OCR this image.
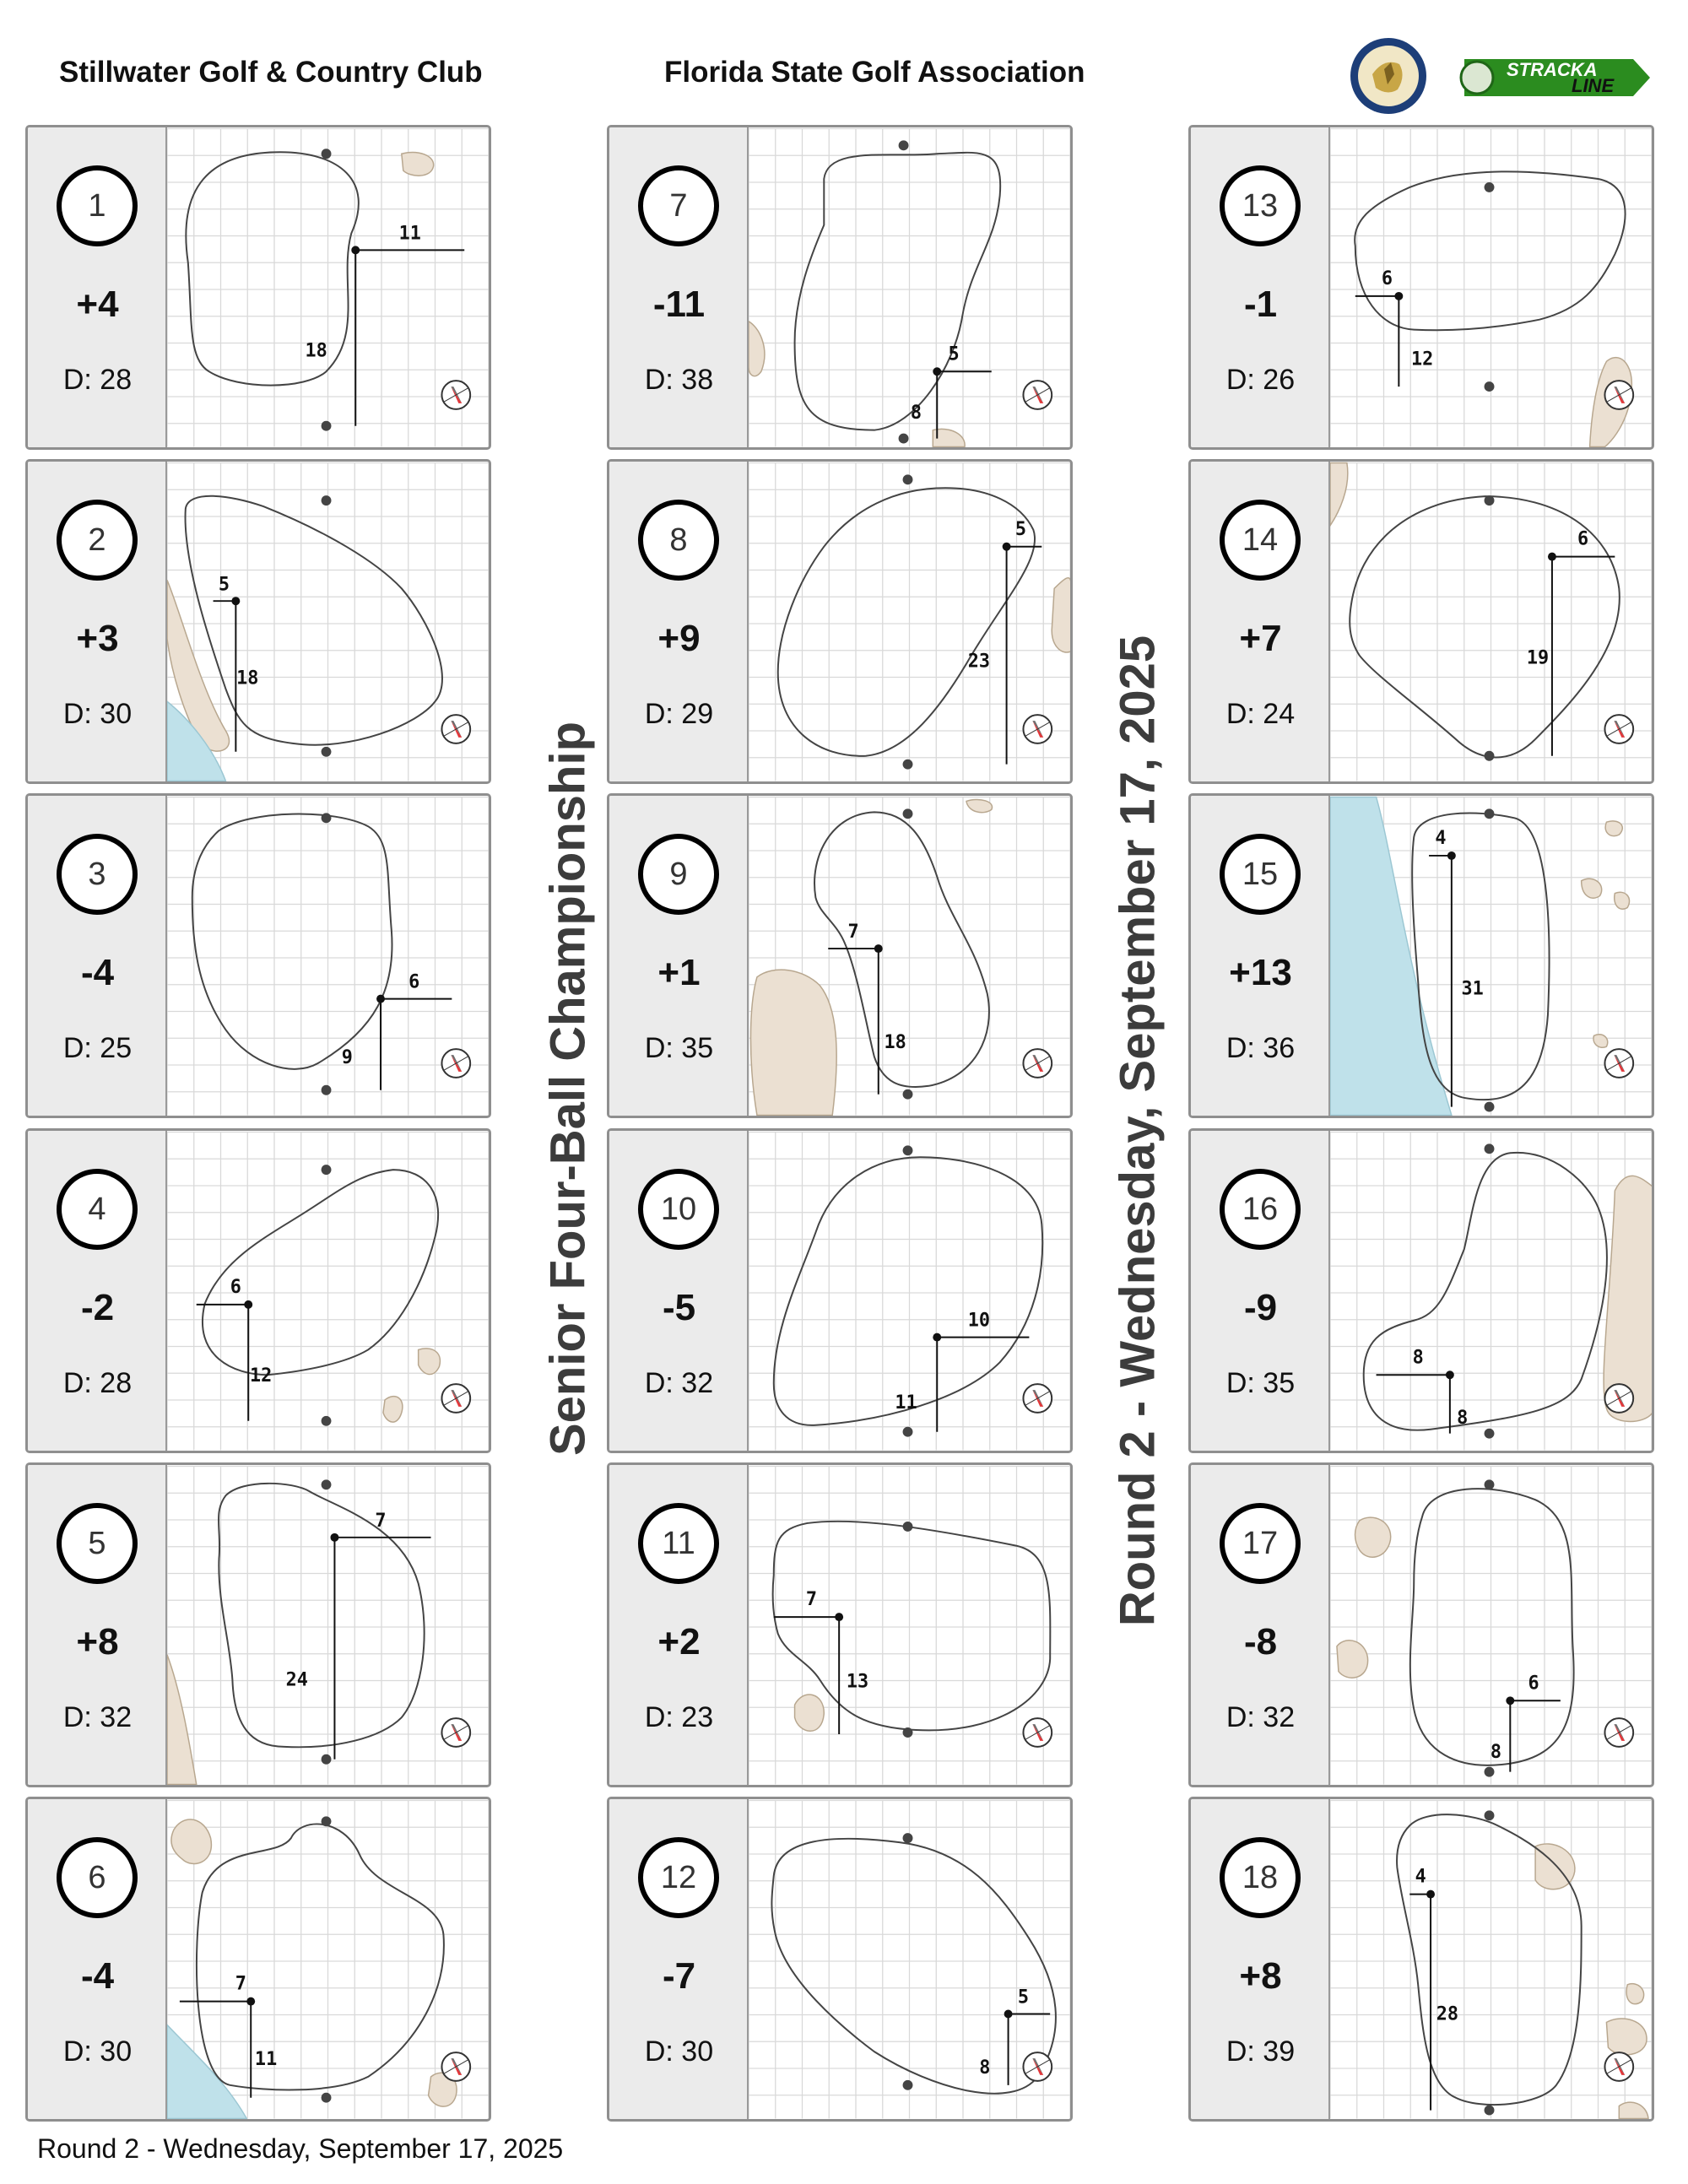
Stillwater Golf & Country Club	Florida State Golf Association	STRACKA
LINE
Senior Four-Ball Championship	Round 2 - Wednesday, September 17, 2025
1
+4
D: 28
11
18
2
+3
D: 30
5
18
3
-4
D: 25
6
9
4
-2
D: 28
6
12
5
+8
D: 32
7
24
6
-4
D: 30
7
11
7
-11
D: 38
5
8
8
+9
D: 29
5
23
9
+1
D: 35
7
18
10
-5
D: 32
10
11
11
+2
D: 23
7
13
12
-7
D: 30
5
8
13
-1
D: 26
6
12
14
+7
D: 24
6
19
15
+13
D: 36
4
31
16
-9
D: 35
8
8
17
-8
D: 32
6
8
18
+8
D: 39
4
28
Round 2 - Wednesday, September 17, 2025
